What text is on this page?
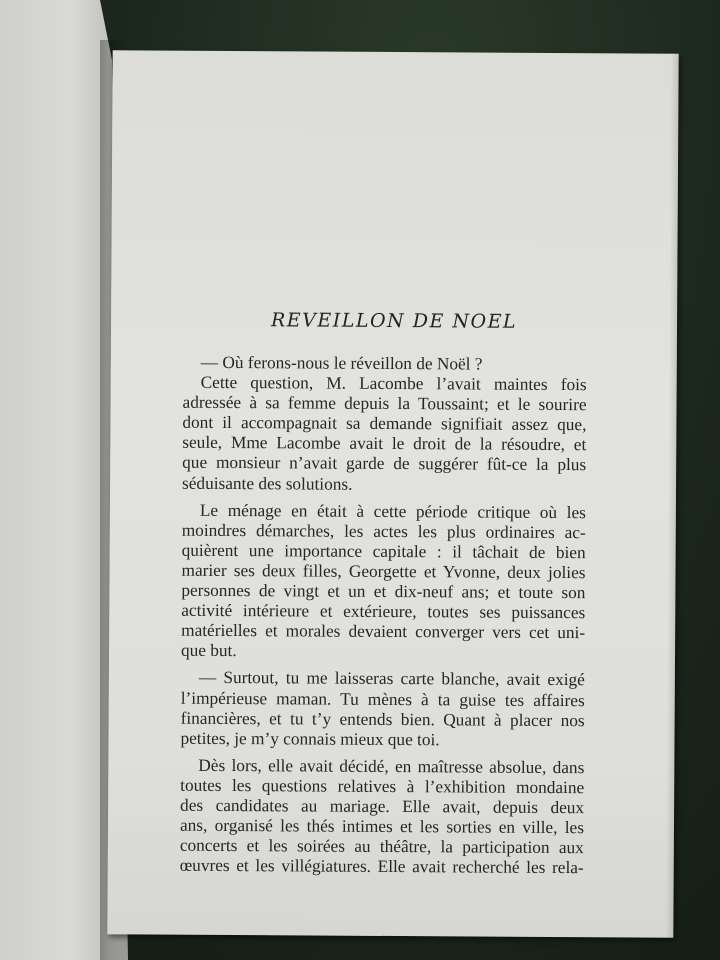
REVEILLON DE NOEL

— Où ferons-nous le réveillon de Noël ?

Cette question, M. Lacombe l’avait maintes fois
adressée à sa femme depuis la Toussaint; et le sourire
dont il accompagnait sa demande signifiait assez que,
seule, Mme Lacombe avait le droit de la résoudre, et
que monsieur n’avait garde de suggérer fût-ce la plus
séduisante des solutions.

Le ménage en était à cette période critique où les
moindres démarches, les actes les plus ordinaires ac-
quièrent une importance capitale : il tâchait de bien
marier ses deux filles, Georgette et Yvonne, deux jolies
personnes de vingt et un et dix-neuf ans; et toute son
activité intérieure et extérieure, toutes ses puissances
matérielles et morales devaient converger vers cet uni-
que but.

— Surtout, tu me laisseras carte blanche, avait exigé
l’impérieuse maman. Tu mènes à ta guise tes affaires
financières, et tu t’y entends bien. Quant à placer nos
petites, je m’y connais mieux que toi.

Dès lors, elle avait décidé, en maîtresse absolue, dans
toutes les questions relatives à l’exhibition mondaine
des candidates au mariage. Elle avait, depuis deux
ans, organisé les thés intimes et les sorties en ville, les
concerts et les soirées au théâtre, la participation aux
œuvres et les villégiatures. Elle avait recherché les rela-
